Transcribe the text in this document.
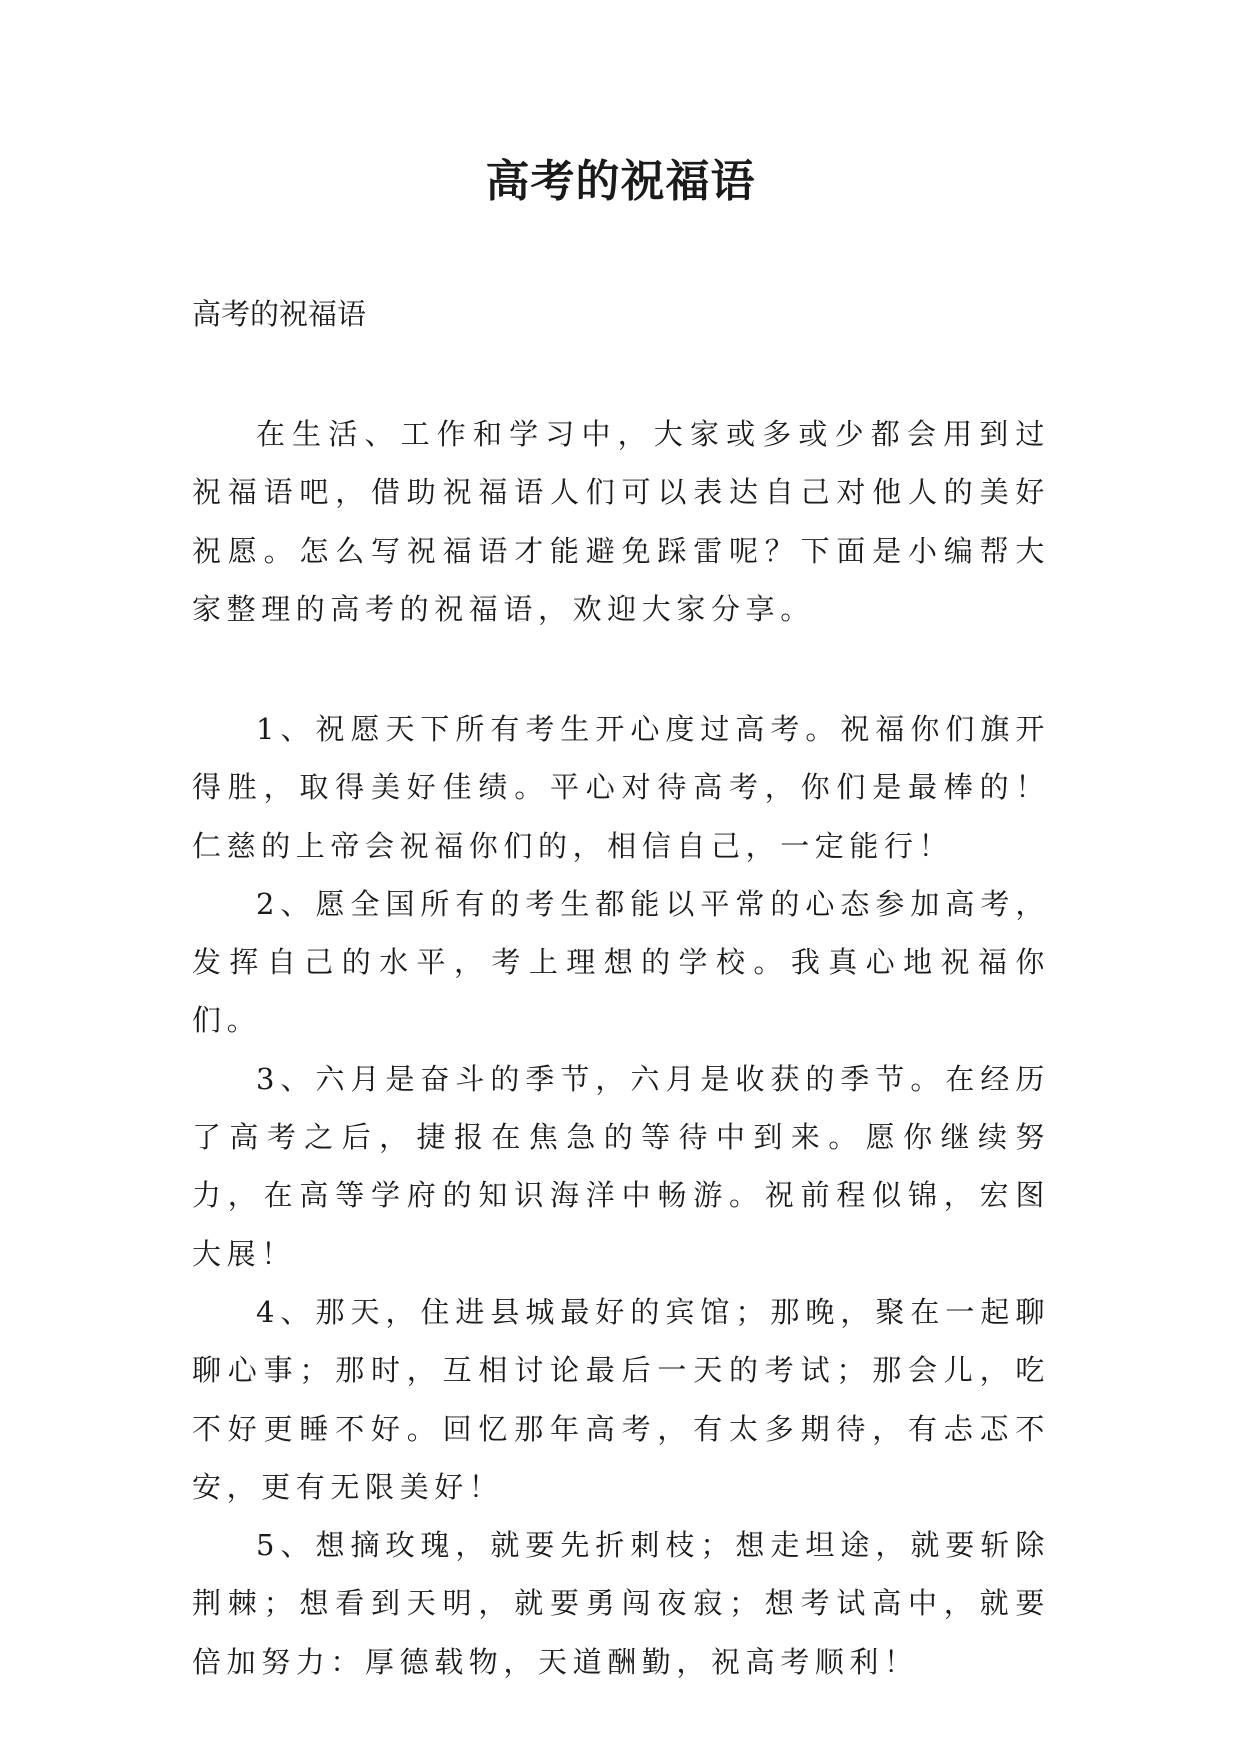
高考的祝福语

高考的祝福语

在生活、工作和学习中，大家或多或少都会用到过祝福语吧，借助祝福语人们可以表达自己对他人的美好祝愿。怎么写祝福语才能避免踩雷呢？下面是小编帮大家整理的高考的祝福语，欢迎大家分享。

1、祝愿天下所有考生开心度过高考。祝福你们旗开得胜，取得美好佳绩。平心对待高考，你们是最棒的！仁慈的上帝会祝福你们的，相信自己，一定能行！

2、愿全国所有的考生都能以平常的心态参加高考，发挥自己的水平，考上理想的学校。我真心地祝福你们。

3、六月是奋斗的季节，六月是收获的季节。在经历了高考之后，捷报在焦急的等待中到来。愿你继续努力，在高等学府的知识海洋中畅游。祝前程似锦，宏图大展！

4、那天，住进县城最好的宾馆；那晚，聚在一起聊聊心事；那时，互相讨论最后一天的考试；那会儿，吃不好更睡不好。回忆那年高考，有太多期待，有忐忑不安，更有无限美好！

5、想摘玫瑰，就要先折刺枝；想走坦途，就要斩除荆棘；想看到天明，就要勇闯夜寂；想考试高中，就要倍加努力：厚德载物，天道酬勤，祝高考顺利！
